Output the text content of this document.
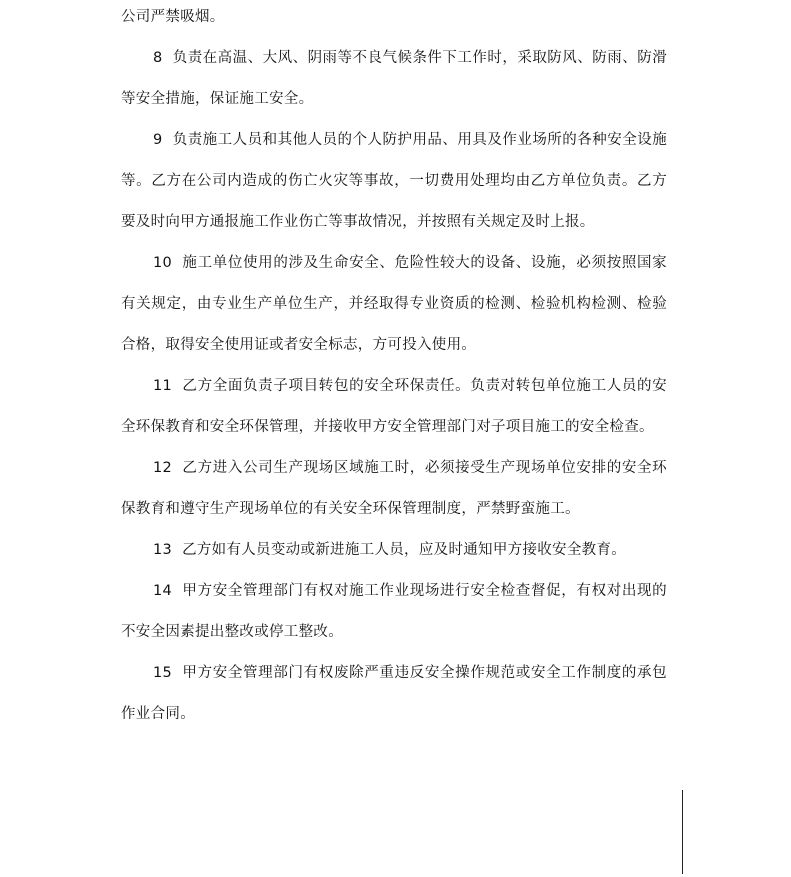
公司严禁吸烟。

8 负责在高温、大风、阴雨等不良气候条件下工作时，采取防风、防雨、防滑等安全措施，保证施工安全。

9 负责施工人员和其他人员的个人防护用品、用具及作业场所的各种安全设施等。乙方在公司内造成的伤亡火灾等事故，一切费用处理均由乙方单位负责。乙方要及时向甲方通报施工作业伤亡等事故情况，并按照有关规定及时上报。

10 施工单位使用的涉及生命安全、危险性较大的设备、设施，必须按照国家有关规定，由专业生产单位生产，并经取得专业资质的检测、检验机构检测、检验合格，取得安全使用证或者安全标志，方可投入使用。

11 乙方全面负责子项目转包的安全环保责任。负责对转包单位施工人员的安全环保教育和安全环保管理，并接收甲方安全管理部门对子项目施工的安全检查。

12 乙方进入公司生产现场区域施工时，必须接受生产现场单位安排的安全环保教育和遵守生产现场单位的有关安全环保管理制度，严禁野蛮施工。

13 乙方如有人员变动或新进施工人员，应及时通知甲方接收安全教育。

14 甲方安全管理部门有权对施工作业现场进行安全检查督促，有权对出现的不安全因素提出整改或停工整改。

15 甲方安全管理部门有权废除严重违反安全操作规范或安全工作制度的承包作业合同。
